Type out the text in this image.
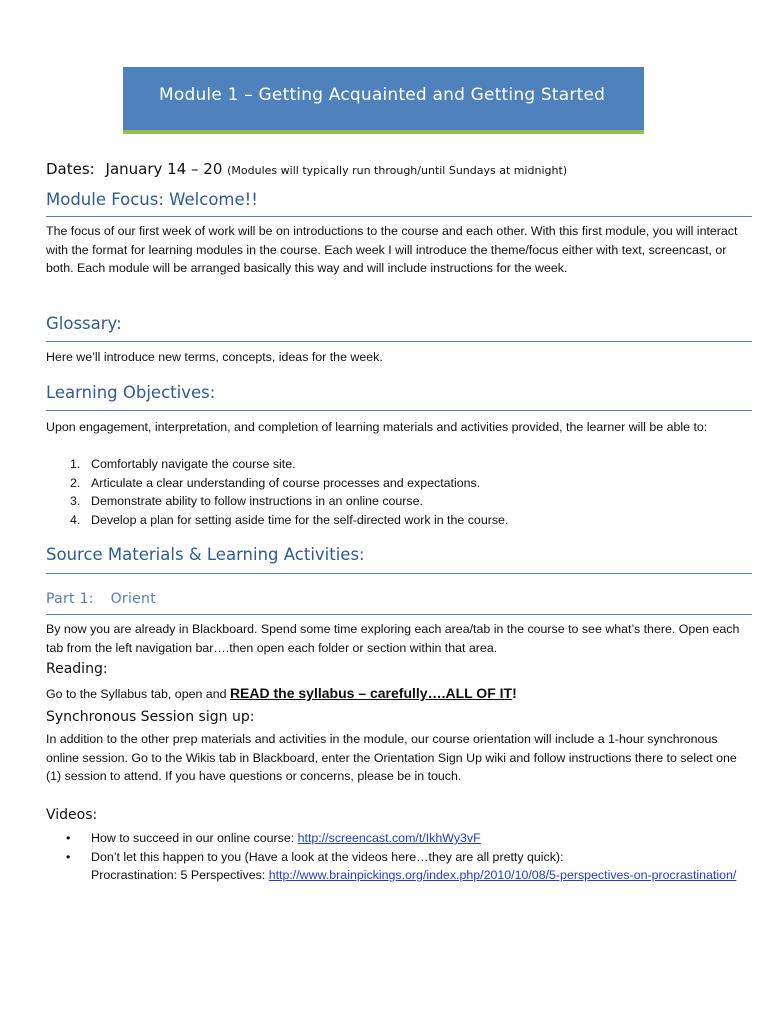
Module 1 – Getting Acquainted and Getting Started
Dates: January 14 – 20 (Modules will typically run through/until Sundays at midnight)
Module Focus: Welcome!!

The focus of our first week of work will be on introductions to the course and each other. With this first module, you will interact with the format for learning modules in the course. Each week I will introduce the theme/focus either with text, screencast, or both. Each module will be arranged basically this way and will include instructions for the week.

Glossary:

Here we’ll introduce new terms, concepts, ideas for the week.

Learning Objectives:

Upon engagement, interpretation, and completion of learning materials and activities provided, the learner will be able to:

1. Comfortably navigate the course site.
2. Articulate a clear understanding of course processes and expectations.
3. Demonstrate ability to follow instructions in an online course.
4. Develop a plan for setting aside time for the self-directed work in the course.
Source Materials & Learning Activities:
Part 1: Orient

By now you are already in Blackboard. Spend some time exploring each area/tab in the course to see what’s there. Open each tab from the left navigation bar….then open each folder or section within that area.

Reading:

Go to the Syllabus tab, open and READ the syllabus – carefully….ALL OF IT!

Synchronous Session sign up:

In addition to the other prep materials and activities in the module, our course orientation will include a 1-hour synchronous online session. Go to the Wikis tab in Blackboard, enter the Orientation Sign Up wiki and follow instructions there to select one (1) session to attend. If you have questions or concerns, please be in touch.

Videos:
• How to succeed in our online course: http://screencast.com/t/IkhWy3vF
• Don’t let this happen to you (Have a look at the videos here…they are all pretty quick):
Procrastination: 5 Perspectives: http://www.brainpickings.org/index.php/2010/10/08/5-perspectives-on-procrastination/
